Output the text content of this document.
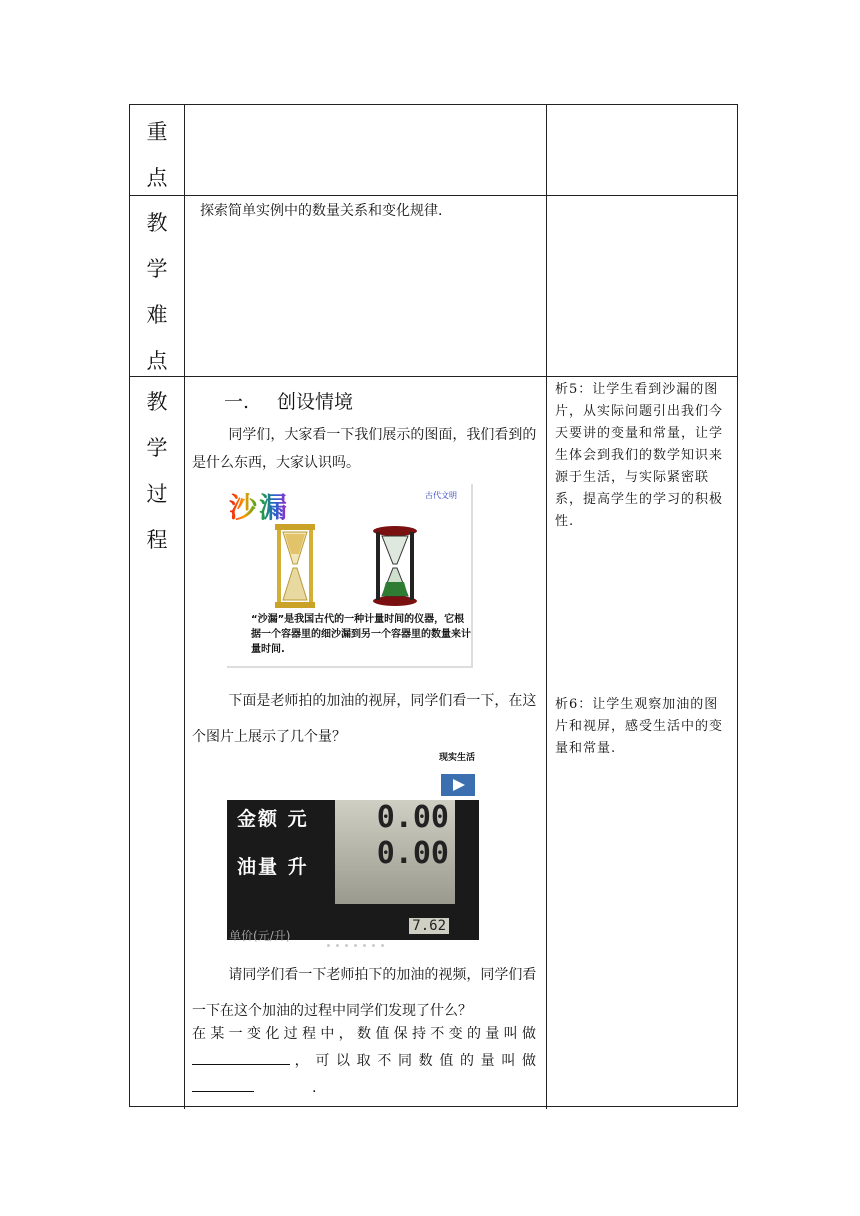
重
点
教
学
难
点
探索简单实例中的数量关系和变化规律.
教
学
过
程
一. 创设情境
同学们，大家看一下我们展示的图面，我们看到的是什么东西，大家认识吗。
沙漏	古代文明
“沙漏”是我国古代的一种计量时间的仪器，它根据一个容器里的细沙漏到另一个容器里的数量来计量时间.
下面是老师拍的加油的视屏，同学们看一下，在这个图片上展示了几个量？
现实生活
金额 元
油量 升
0.00
0.00
单价(元/升)
7.62
请同学们看一下老师拍下的加油的视频，同学们看一下在这个加油的过程中同学们发现了什么？
在某一变化过程中，数值保持不变的量叫做，可以取不同数值的量叫做.
析5：让学生看到沙漏的图片，从实际问题引出我们今天要讲的变量和常量，让学生体会到我们的数学知识来源于生活，与实际紧密联系，提高学生的学习的积极性.
析6：让学生观察加油的图片和视屏，感受生活中的变量和常量.
